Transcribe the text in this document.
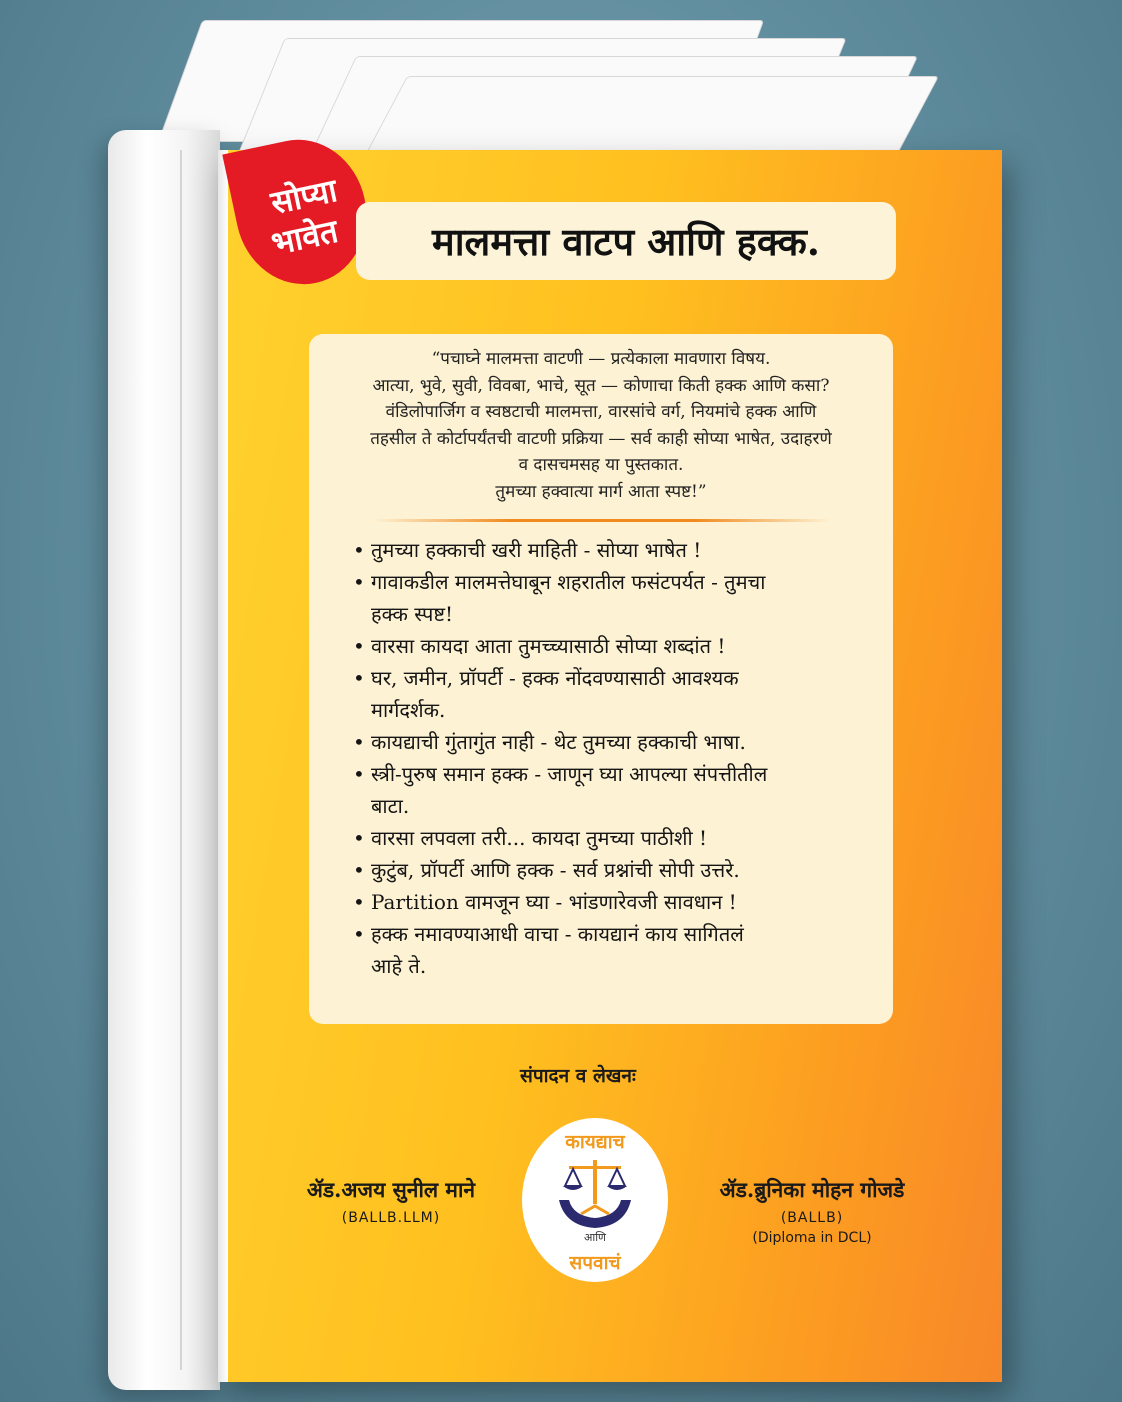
सोप्या
भावेत	मालमत्ता वाटप आणि हक्क.
“पचाघ्ने मालमत्ता वाटणी — प्रत्येकाला मावणारा विषय.
आत्या, भुवे, सुवी, विवबा, भाचे, सूत — कोणाचा किती हक्क आणि कसा?
वंडिलोपार्जिग व स्वष्ठटाची मालमत्ता, वारसांचे वर्ग, नियमांचे हक्क आणि
तहसील ते कोर्टापर्यंतची वाटणी प्रक्रिया — सर्व काही सोप्या भाषेत, उदाहरणे
व दासचमसह या पुस्तकात.
तुमच्या हक्वात्या मार्ग आता स्पष्ट!”
• तुमच्या हक्काची खरी माहिती - सोप्या भाषेत !
• गावाकडील मालमत्तेघाबून शहरातील फसंटपर्यत - तुमचा
हक्क स्पष्ट!
• वारसा कायदा आता तुमच्च्यासाठी सोप्या शब्दांत !
• घर, जमीन, प्रॉपर्टी - हक्क नोंदवण्यासाठी आवश्यक
मार्गदर्शक.
• कायद्याची गुंतागुंत नाही - थेट तुमच्या हक्काची भाषा.
• स्त्री-पुरुष समान हक्क - जाणून घ्या आपल्या संपत्तीतील
बाटा.
• वारसा लपवला तरी... कायदा तुमच्या पाठीशी !
• कुटुंब, प्रॉपर्टी आणि हक्क - सर्व प्रश्नांची सोपी उत्तरे.
• Partition वामजून घ्या - भांडणारेवजी सावधान !
• हक्क नमावण्याआधी वाचा - कायद्यानं काय सागितलं
आहे ते.
संपादन व लेखनः
ॲड.अजय सुनील माने
(BALLB.LLM)
कायद्याच
आणि
सपवाचं
ॲड.ब्रुनिका मोहन गोजडे
(BALLB)
(Diploma in DCL)
